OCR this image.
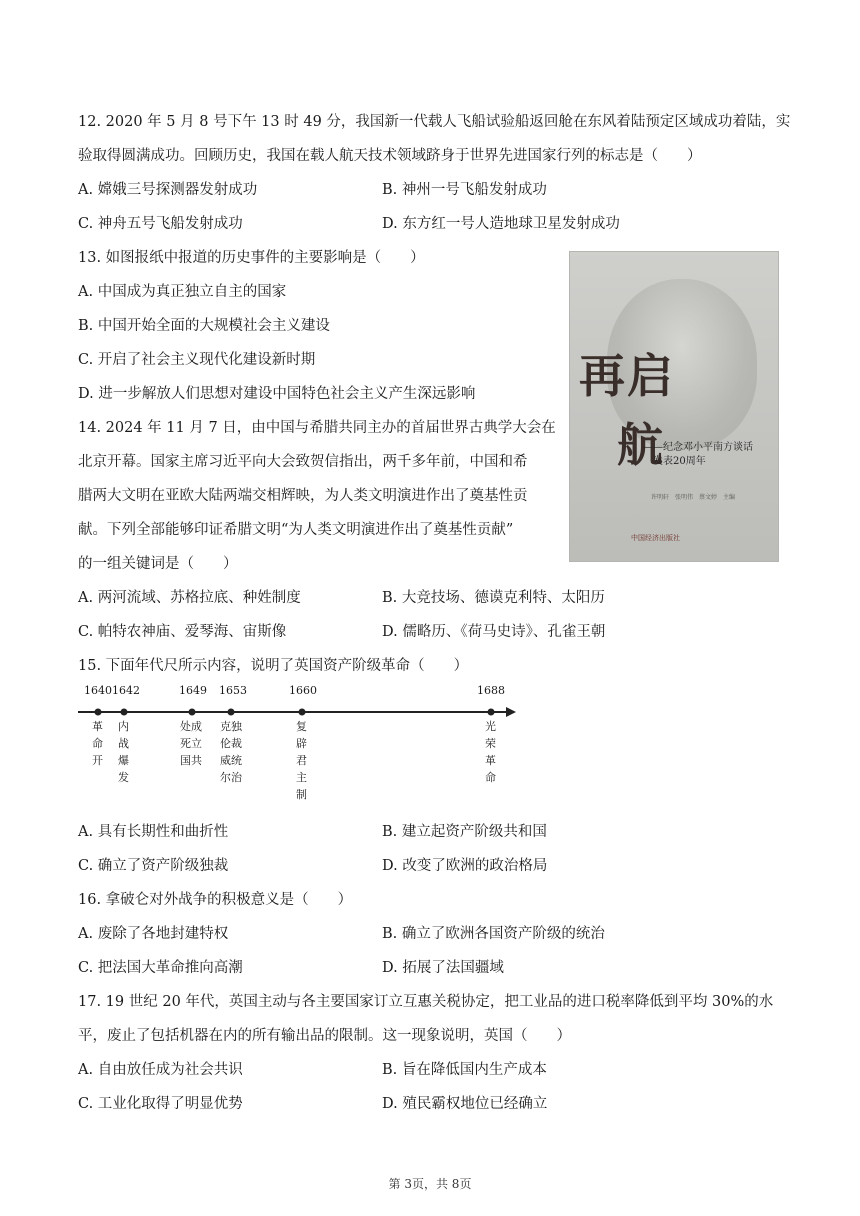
12. 2020 年 5 月 8 号下午 13 时 49 分，我国新一代载人飞船试验船返回舱在东风着陆预定区域成功着陆，实
验取得圆满成功。回顾历史，我国在载人航天技术领域跻身于世界先进国家行列的标志是（　　）
A. 嫦娥三号探测器发射成功	B. 神州一号飞船发射成功
C. 神舟五号飞船发射成功	D. 东方红一号人造地球卫星发射成功
13. 如图报纸中报道的历史事件的主要影响是（　　）
A. 中国成为真正独立自主的国家
B. 中国开始全面的大规模社会主义建设
C. 开启了社会主义现代化建设新时期
D. 进一步解放人们思想对建设中国特色社会主义产生深远影响 再启
航
——纪念邓小平南方谈话
发表20周年
许明轩　张明伟　蔡文婷　主编
中国经济出版社
14. 2024 年 11 月 7 日，由中国与希腊共同主办的首届世界古典学大会在
北京开幕。国家主席习近平向大会致贺信指出，两千多年前，中国和希
腊两大文明在亚欧大陆两端交相辉映，为人类文明演进作出了奠基性贡
献。下列全部能够印证希腊文明“为人类文明演进作出了奠基性贡献”
的一组关键词是（　　）
A. 两河流域、苏格拉底、种姓制度	B. 大竞技场、德谟克利特、太阳历
C. 帕特农神庙、爱琴海、宙斯像	D. 儒略历、《荷马史诗》、孔雀王朝
15. 下面年代尺所示内容，说明了英国资产阶级革命（　　）
1640 1642	1649 1653	1660	1688
革命开
内战爆发
处成死立国共
克独伦裁威统尔治
复辟君主制
光荣革命
A. 具有长期性和曲折性	B. 建立起资产阶级共和国
C. 确立了资产阶级独裁	D. 改变了欧洲的政治格局
16. 拿破仑对外战争的积极意义是（　　）
A. 废除了各地封建特权	B. 确立了欧洲各国资产阶级的统治
C. 把法国大革命推向高潮	D. 拓展了法国疆域
17. 19 世纪 20 年代，英国主动与各主要国家订立互惠关税协定，把工业品的进口税率降低到平均 30%的水
平，废止了包括机器在内的所有输出品的限制。这一现象说明，英国（　　）
A. 自由放任成为社会共识	B. 旨在降低国内生产成本
C. 工业化取得了明显优势	D. 殖民霸权地位已经确立
第 3页，共 8页
